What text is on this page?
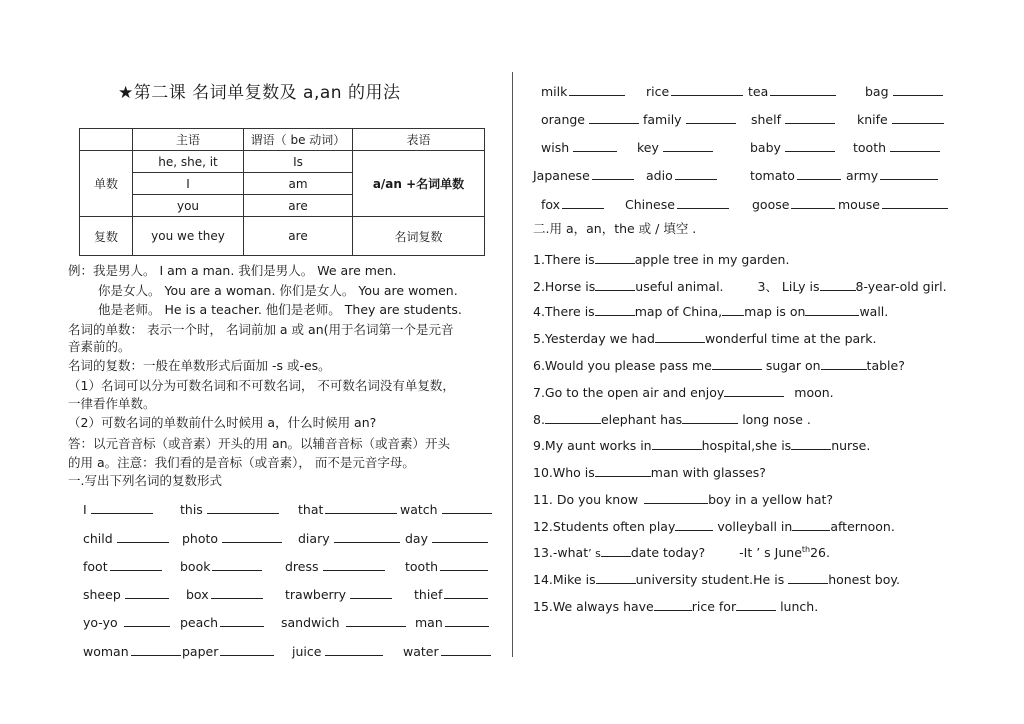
★第二课 名词单复数及 a,an 的用法
	主语	谓语（ be 动词）	表语
单数	he, she, it	Is	a/an +名词单数
	I	am	
	you	are	
复数	you we they	are	名词复数
例：我是男人。 I am a man. 我们是男人。 We are men.
你是女人。 You are a woman. 你们是女人。 You are women.
他是老师。 He is a teacher. 他们是老师。 They are students.
名词的单数： 表示一个时， 名词前加 a 或 an(用于名词第一个是元音
音素前的。
名词的复数：一般在单数形式后面加 -s 或-es。
（1）名词可以分为可数名词和不可数名词， 不可数名词没有单复数，
一律看作单数。
（2）可数名词的单数前什么时候用 a，什么时候用 an?
答：以元音音标（或音素）开头的用 an。以辅音音标（或音素）开头
的用 a。注意：我们看的是音标（或音素）， 而不是元音字母。
一.写出下列名词的复数形式
I	this	that	watch
child	photo	diary	day
foot	book	dress	tooth
sheep	box	trawberry	thief
yo-yo	peach	sandwich	man
woman	paper	juice	water
milk	rice	tea	bag
orange	family	shelf	knife
wish	key	baby	tooth
Japanese	adio	tomato	army
fox	Chinese	goose	mouse
二.用 a，an，the 或 / 填空 .
1.There is	apple tree in my garden.
2.Horse is	useful animal.	3、 LiLy is	8-year-old girl.
4.There is	map of China, map is on	wall.
5.Yesterday we had	wonderful time at the park.
6.Would you please pass me	sugar on	table?
7.Go to the open air and enjoy	moon.
8.	elephant has	long nose .
9.My aunt works in	hospital,she is	nurse.
10.Who is	man with glasses?
11. Do you know	boy in a yellow hat?
12.Students often play	volleyball in	afternoon.
13.-what’ s date today?	-It ’ s June$^{th}$26.
14.Mike is	university student.He is	honest boy.
15.We always have	rice for	lunch.
